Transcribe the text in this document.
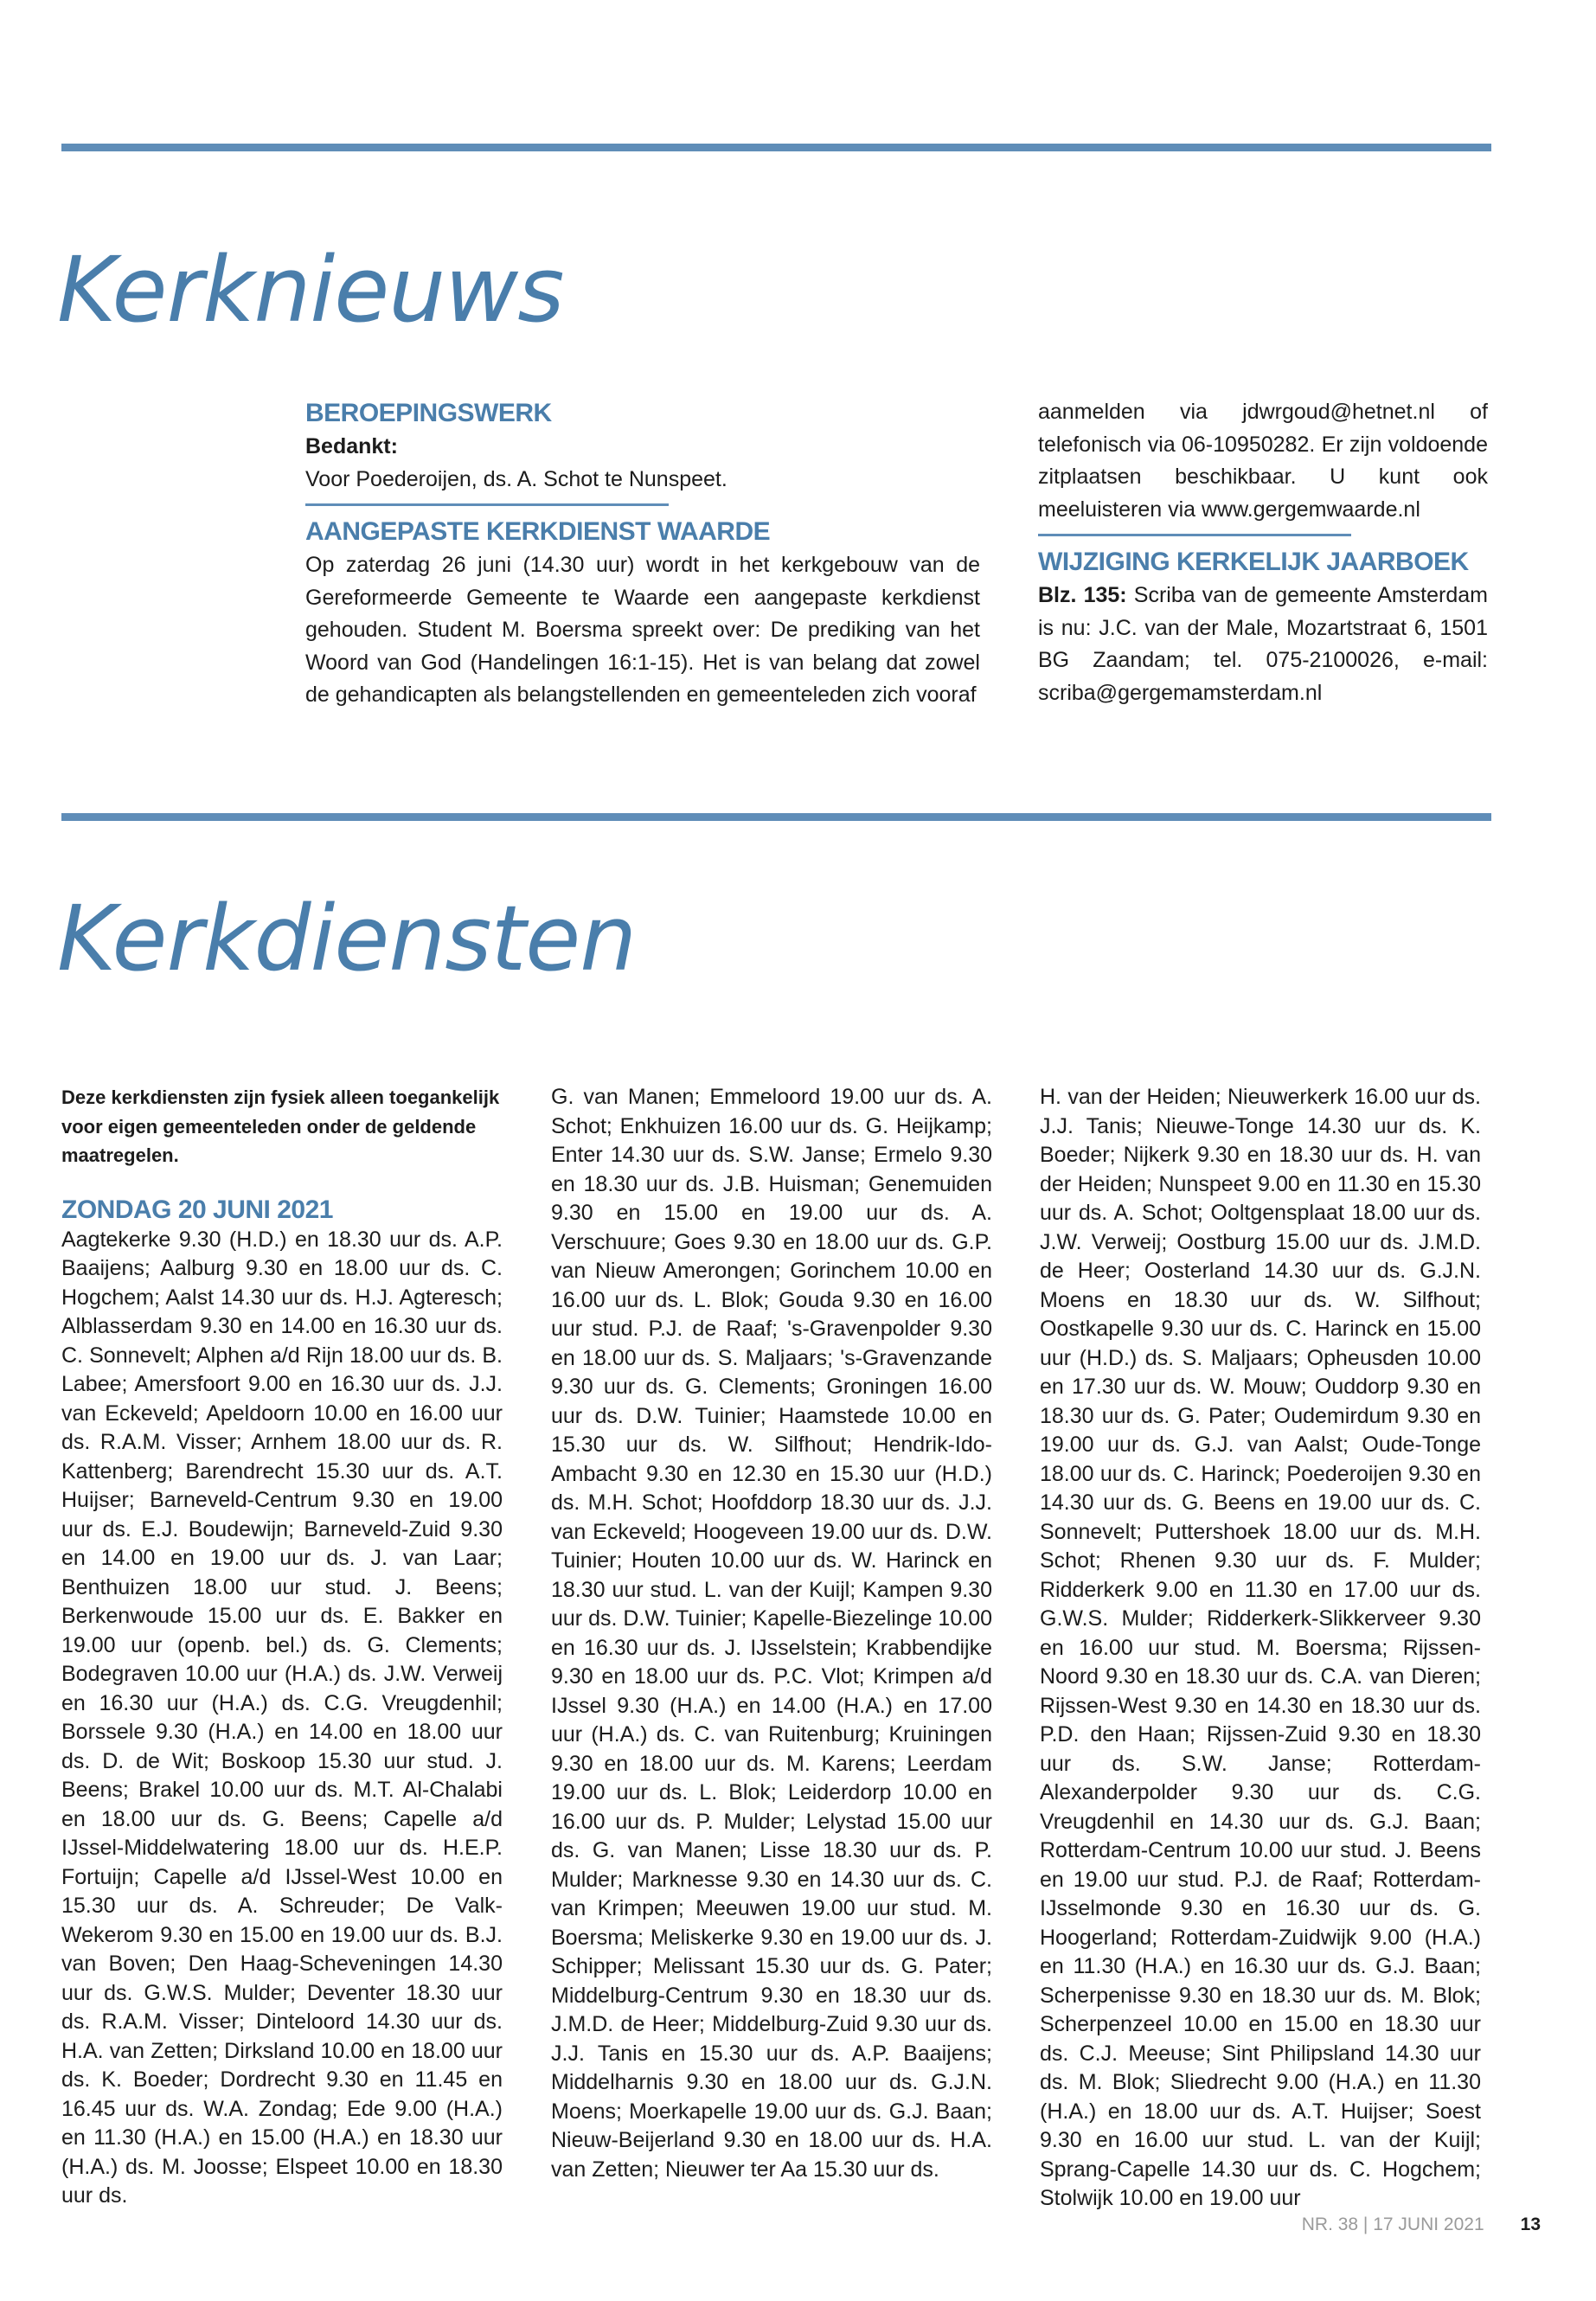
Kerknieuws
BEROEPINGSWERK
Bedankt:
Voor Poederoijen, ds. A. Schot te Nunspeet.
AANGEPASTE KERKDIENST WAARDE

Op zaterdag 26 juni (14.30 uur) wordt in het kerkgebouw van de Gereformeerde Gemeente te Waarde een aangepaste kerkdienst gehouden. Student M. Boersma spreekt over: De prediking van het Woord van God (Handelingen 16:1-15). Het is van belang dat zowel de gehandicapten als belangstellenden en gemeenteleden zich vooraf

aanmelden via jdwrgoud@hetnet.nl of telefonisch via 06-10950282. Er zijn voldoende zitplaatsen beschikbaar. U kunt ook meeluisteren via www.gergemwaarde.nl

WIJZIGING KERKELIJK JAARBOEK

Blz. 135: Scriba van de gemeente Amsterdam is nu: J.C. van der Male, Mozartstraat 6, 1501 BG Zaandam; tel. 075-2100026, e-mail: scriba@gergemamsterdam.nl

Kerkdiensten

Deze kerkdiensten zijn fysiek alleen toegankelijk voor eigen gemeenteleden onder de geldende maatregelen.

ZONDAG 20 JUNI 2021

Aagtekerke 9.30 (H.D.) en 18.30 uur ds. A.P. Baaijens; Aalburg 9.30 en 18.00 uur ds. C. Hogchem; Aalst 14.30 uur ds. H.J. Agteresch; Alblasserdam 9.30 en 14.00 en 16.30 uur ds. C. Sonnevelt; Alphen a/d Rijn 18.00 uur ds. B. Labee; Amersfoort 9.00 en 16.30 uur ds. J.J. van Eckeveld; Apeldoorn 10.00 en 16.00 uur ds. R.A.M. Visser; Arnhem 18.00 uur ds. R. Kattenberg; Barendrecht 15.30 uur ds. A.T. Huijser; Barneveld-Centrum 9.30 en 19.00 uur ds. E.J. Boudewijn; Barneveld-Zuid 9.30 en 14.00 en 19.00 uur ds. J. van Laar; Benthuizen 18.00 uur stud. J. Beens; Berkenwoude 15.00 uur ds. E. Bakker en 19.00 uur (openb. bel.) ds. G. Clements; Bodegraven 10.00 uur (H.A.) ds. J.W. Verweij en 16.30 uur (H.A.) ds. C.G. Vreugdenhil; Borssele 9.30 (H.A.) en 14.00 en 18.00 uur ds. D. de Wit; Boskoop 15.30 uur stud. J. Beens; Brakel 10.00 uur ds. M.T. Al-Chalabi en 18.00 uur ds. G. Beens; Capelle a/d IJssel-Middelwatering 18.00 uur ds. H.E.P. Fortuijn; Capelle a/d IJssel-West 10.00 en 15.30 uur ds. A. Schreuder; De Valk-Wekerom 9.30 en 15.00 en 19.00 uur ds. B.J. van Boven; Den Haag-Scheveningen 14.30 uur ds. G.W.S. Mulder; Deventer 18.30 uur ds. R.A.M. Visser; Dinteloord 14.30 uur ds. H.A. van Zetten; Dirksland 10.00 en 18.00 uur ds. K. Boeder; Dordrecht 9.30 en 11.45 en 16.45 uur ds. W.A. Zondag; Ede 9.00 (H.A.) en 11.30 (H.A.) en 15.00 (H.A.) en 18.30 uur (H.A.) ds. M. Joosse; Elspeet 10.00 en 18.30 uur ds.

G. van Manen; Emmeloord 19.00 uur ds. A. Schot; Enkhuizen 16.00 uur ds. G. Heijkamp; Enter 14.30 uur ds. S.W. Janse; Ermelo 9.30 en 18.30 uur ds. J.B. Huisman; Genemuiden 9.30 en 15.00 en 19.00 uur ds. A. Verschuure; Goes 9.30 en 18.00 uur ds. G.P. van Nieuw Amerongen; Gorinchem 10.00 en 16.00 uur ds. L. Blok; Gouda 9.30 en 16.00 uur stud. P.J. de Raaf; 's-Gravenpolder 9.30 en 18.00 uur ds. S. Maljaars; 's-Gravenzande 9.30 uur ds. G. Clements; Groningen 16.00 uur ds. D.W. Tuinier; Haamstede 10.00 en 15.30 uur ds. W. Silfhout; Hendrik-Ido-Ambacht 9.30 en 12.30 en 15.30 uur (H.D.) ds. M.H. Schot; Hoofddorp 18.30 uur ds. J.J. van Eckeveld; Hoogeveen 19.00 uur ds. D.W. Tuinier; Houten 10.00 uur ds. W. Harinck en 18.30 uur stud. L. van der Kuijl; Kampen 9.30 uur ds. D.W. Tuinier; Kapelle-Biezelinge 10.00 en 16.30 uur ds. J. IJsselstein; Krabbendijke 9.30 en 18.00 uur ds. P.C. Vlot; Krimpen a/d IJssel 9.30 (H.A.) en 14.00 (H.A.) en 17.00 uur (H.A.) ds. C. van Ruitenburg; Kruiningen 9.30 en 18.00 uur ds. M. Karens; Leerdam 19.00 uur ds. L. Blok; Leiderdorp 10.00 en 16.00 uur ds. P. Mulder; Lelystad 15.00 uur ds. G. van Manen; Lisse 18.30 uur ds. P. Mulder; Marknesse 9.30 en 14.30 uur ds. C. van Krimpen; Meeuwen 19.00 uur stud. M. Boersma; Meliskerke 9.30 en 19.00 uur ds. J. Schipper; Melissant 15.30 uur ds. G. Pater; Middelburg-Centrum 9.30 en 18.30 uur ds. J.M.D. de Heer; Middelburg-Zuid 9.30 uur ds. J.J. Tanis en 15.30 uur ds. A.P. Baaijens; Middelharnis 9.30 en 18.00 uur ds. G.J.N. Moens; Moerkapelle 19.00 uur ds. G.J. Baan; Nieuw-Beijerland 9.30 en 18.00 uur ds. H.A. van Zetten; Nieuwer ter Aa 15.30 uur ds.

H. van der Heiden; Nieuwerkerk 16.00 uur ds. J.J. Tanis; Nieuwe-Tonge 14.30 uur ds. K. Boeder; Nijkerk 9.30 en 18.30 uur ds. H. van der Heiden; Nunspeet 9.00 en 11.30 en 15.30 uur ds. A. Schot; Ooltgensplaat 18.00 uur ds. J.W. Verweij; Oostburg 15.00 uur ds. J.M.D. de Heer; Oosterland 14.30 uur ds. G.J.N. Moens en 18.30 uur ds. W. Silfhout; Oostkapelle 9.30 uur ds. C. Harinck en 15.00 uur (H.D.) ds. S. Maljaars; Opheusden 10.00 en 17.30 uur ds. W. Mouw; Ouddorp 9.30 en 18.30 uur ds. G. Pater; Oudemirdum 9.30 en 19.00 uur ds. G.J. van Aalst; Oude-Tonge 18.00 uur ds. C. Harinck; Poederoijen 9.30 en 14.30 uur ds. G. Beens en 19.00 uur ds. C. Sonnevelt; Puttershoek 18.00 uur ds. M.H. Schot; Rhenen 9.30 uur ds. F. Mulder; Ridderkerk 9.00 en 11.30 en 17.00 uur ds. G.W.S. Mulder; Ridderkerk-Slikkerveer 9.30 en 16.00 uur stud. M. Boersma; Rijssen-Noord 9.30 en 18.30 uur ds. C.A. van Dieren; Rijssen-West 9.30 en 14.30 en 18.30 uur ds. P.D. den Haan; Rijssen-Zuid 9.30 en 18.30 uur ds. S.W. Janse; Rotterdam-Alexanderpolder 9.30 uur ds. C.G. Vreugdenhil en 14.30 uur ds. G.J. Baan; Rotterdam-Centrum 10.00 uur stud. J. Beens en 19.00 uur stud. P.J. de Raaf; Rotterdam-IJsselmonde 9.30 en 16.30 uur ds. G. Hoogerland; Rotterdam-Zuidwijk 9.00 (H.A.) en 11.30 (H.A.) en 16.30 uur ds. G.J. Baan; Scherpenisse 9.30 en 18.30 uur ds. M. Blok; Scherpenzeel 10.00 en 15.00 en 18.30 uur ds. C.J. Meeuse; Sint Philipsland 14.30 uur ds. M. Blok; Sliedrecht 9.00 (H.A.) en 11.30 (H.A.) en 18.00 uur ds. A.T. Huijser; Soest 9.30 en 16.00 uur stud. L. van der Kuijl; Sprang-Capelle 14.30 uur ds. C. Hogchem; Stolwijk 10.00 en 19.00 uur

NR. 38 | 17 JUNI 2021 13
